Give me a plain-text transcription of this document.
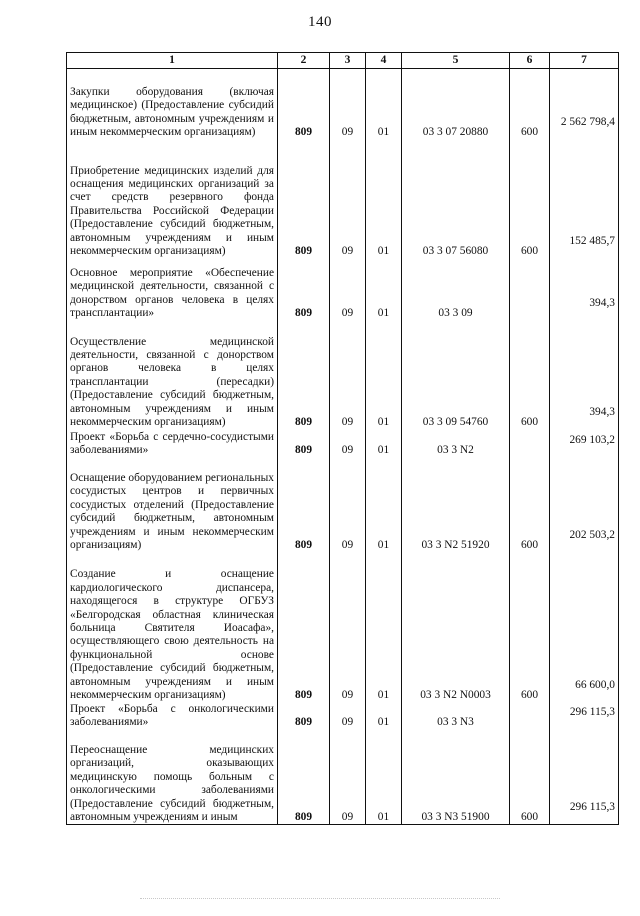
140
1	2	3	4	5	6	7
Закупки оборудования (включая медицинское) (Предоставление субсидий бюджетным, автономным учреждениям и иным некоммерческим организациям)	809	09	01	03 3 07 20880	600	2 562 798,4
Приобретение медицинских изделий для оснащения медицинских организаций за счет средств резервного фонда Правительства Российской Федерации (Предоставление субсидий бюджетным, автономным учреждениям и иным некоммерческим организациям)	809	09	01	03 3 07 56080	600	152 485,7
Основное мероприятие «Обеспечение медицинской деятельности, связанной с донорством органов человека в целях трансплантации»	809	09	01	03 3 09		394,3
Осуществление медицинской деятельности, связанной с донорством органов человека в целях трансплантации (пересадки) (Предоставление субсидий бюджетным, автономным учреждениям и иным некоммерческим организациям)	809	09	01	03 3 09 54760	600	394,3
Проект «Борьба с сердечно-сосудистыми заболеваниями»	809	09	01	03 3 N2		269 103,2
Оснащение оборудованием региональных сосудистых центров и первичных сосудистых отделений (Предоставление субсидий бюджетным, автономным учреждениям и иным некоммерческим организациям)	809	09	01	03 3 N2 51920	600	202 503,2
Создание и оснащение кардиологического диспансера, находящегося в структуре ОГБУЗ «Белгородская областная клиническая больница Святителя Иоасафа», осуществляющего свою деятельность на функциональной основе (Предоставление субсидий бюджетным, автономным учреждениям и иным некоммерческим организациям)	809	09	01	03 3 N2 N0003	600	66 600,0
Проект «Борьба с онкологическими заболеваниями»	809	09	01	03 3 N3		296 115,3
Переоснащение медицинских организаций, оказывающих медицинскую помощь больным с онкологическими заболеваниями (Предоставление субсидий бюджетным, автономным учреждениям и иным	809	09	01	03 3 N3 51900	600	296 115,3
